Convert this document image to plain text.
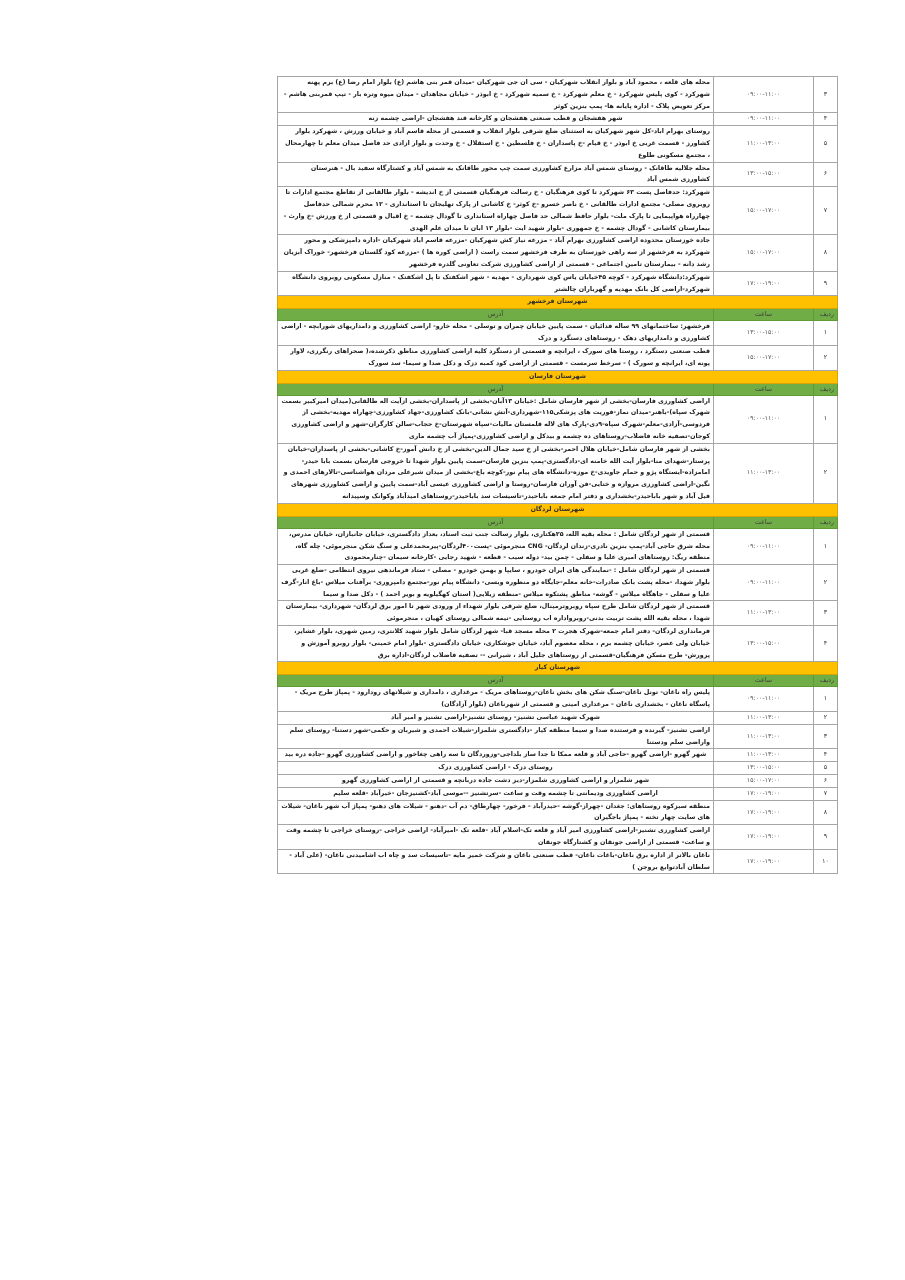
۳	۰۹:۰۰-۱۱:۰۰	محله های قلعه ، محمود آباد و بلوار انقلاب شهرکیان - سی ان جی شهرکیان -میدان قمر بنی هاشم (ع) بلوار امام رضا (ع) برم پهنه شهرکرد - کوی پلیس شهرکرد - خ معلم شهرکرد - خ سمیه شهرکرد - خ ابوذر - خیابان مجاهدان - میدان میوه وتره بار - تیپ قمربنی هاشم - مرکز تعویض پلاک - اداره پایانه ها- پمپ بنزین کوثر
۴	۰۹:۰۰-۱۱:۰۰	شهر هفشجان و قطب صنعتی هفشجان و کارخانه قند هفشجان -اراضی چشمه زنه
۵	۱۱:۰۰-۱۳:۰۰	روستای بهرام اباد-کل شهر شهرکیان به استثنای ضلع شرقی بلوار انقلاب و قسمتی از محله قاسم آباد و خیابان ورزش ، شهرکرد بلوار کشاورز - قسمت غربی خ ابوذر - خ قیام -خ پاسداران - خ فلسطین - خ استقلال - خ وحدت و بلوار ازادی حد فاصل میدان معلم تا چهارمحال ، مجتمع مسکونی طلوع
۶	۱۳:۰۰-۱۵:۰۰	محله جلالیه طاقانک - روستای شمس آباد مزارع کشاورزی سمت چپ محور طاقانک به شمس آباد و کشتارگاه سفید بال - هنرستان کشاورزی شمس آباد
۷	۱۵:۰۰-۱۷:۰۰	شهرکرد: حدفاصل پست ۶۳ شهرکرد تا کوی فرهنگیان - خ رسالت فرهنگیان قسمتی از خ اندیشه - بلوار طالقانی از تقاطع مجتمع ادارات تا روبروی مصلی- مجتمع ادارات طالقانی - خ ناصر خسرو -خ کوثر- خ کاشانی از پارک تهلیجان تا استانداری - ۱۲ محرم شمالی حدفاصل چهارراه هواپیمایی تا پارک ملت- بلوار حافظ شمالی حد فاصل چهاراه استانداری تا گودال چشمه - خ اقبال و قسمتی از خ ورزش -خ وارث - بیمارستان کاشانی - گودال چشمه - خ جمهوری -بلوار شهید ایت -بلوار ۱۳ ابان تا میدان علم الهدی
۸	۱۵:۰۰-۱۷:۰۰	جاده خوزستان محدوده اراضی کشاورزی بهرام آباد - مزرعه نیاز کش شهرکیان -مزرعه قاسم اباد شهرکیان -اداره دامپزشکی و محور شهرکرد به فرخشهر از سه راهی خوزستان به طرف فرخشهر سمت راست ( اراضی کوره ها ) -مزرعه کود گلستان فرخشهر- خوراک آبزیان رشد دانه - بیمارستان تامین اجتماعی - قسمتی از اراضی کشاورزی شرکت تعاونی گلدره فرخشهر
۹	۱۷:۰۰-۱۹:۰۰	شهرکرد:دانشگاه شهرکرد - کوچه ۴۵خیابان یاس کوی شهرداری - مهدیه - شهر اشکفتک تا پل اشکفتک - منازل مسکونی روبروی دانشگاه شهرکرد-اراضی کل بانک مهدیه و گهرباران چالشتر
شهرستان فرخشهر		
ردیف	ساعت	آدرس
۱	۱۳:۰۰-۱۵:۰۰	فرخشهر: ساختمانهای ۹۹ ساله فدائیان - سمت پایین خیابان چمران و توسلی - محله خارو- اراضی کشاورزی و دامداریهای شورابچه - اراضی کشاورزی و دامداریهای دهک - روستاهای دستگرد و دزک
۲	۱۵:۰۰-۱۷:۰۰	قطب صنعتی دستگرد ، روستا های سورک ، ایرانچه و قسمتی از دستگرد کلیه اراضی کشاورزی مناطق ذکرشده،( صحراهای رنگرزی، لاوار پونه ای، ایرانچه و سورک ) - سرخط سرمست - قسمتی از اراضی کود کمبه دزک و دکل صدا و سیما- سد سورک
شهرستان فارسان		
ردیف	ساعت	آدرس
۱	۰۹:۰۰-۱۱:۰۰	اراضی کشاورزی فارسان-بخشی از شهر فارسان شامل :خیابان ۱۳آبان-بخشی از پاسداران-بخشی ازآیت اله طالقانی(میدان امیرکبیر بسمت شهرک سپاه)-باهنر-میدان نماز-فوریت های پزشکی۱۱۵-شهرداری-آتش نشانی-بانک کشاورزی-جهاد کشاورزی-چهاراه مهدیه-بخشی از فردوسی-آزادی-معلم-شهرک سپاه-۹دی-پارک های لاله قلمستان مالیات-سپاه شهرستان-خ حجاب-سالن کارگران-شهر و اراضی کشاورزی کوجان-تصفیه خانه فاضلاب-روستاهای ده چشمه و بیدکل و اراضی کشاورزی-پمپاژ آب چشمه ماری
۲	۱۱:۰۰-۱۳:۰۰	بخشی از شهر فارسان شامل-خیابان هلال احمر-بخشی از خ سید جمال الدین-بخشی از خ دانش آموز-خ کاشانی-بخشی از پاسداران-خیابان پرستار-شهدای منا-بلوار آیت الله خامنه ای-دادگستری-پمپ بنزین فارسان-سمت پایین بلوار شهدا تا خروجی فارسان بسمت بابا حیدر-امامزاده-ایستگاه پژو و حمام جاویدی-خ موزه-دانشگاه های پیام نور-کوچه باغ-بخشی از میدان شیرعلی مردان هواشناسی-تالارهای احمدی و نگین-اراضی کشاورزی مروازه و ختایی-فن آوران فارسان-روستا و اراضی کشاورزی عیسی آباد-سمت پایین و اراضی کشاورزی شهرهای فیل آباد و شهر باباحیدر-بخشداری و دفتر امام جمعه باباحیدر-تاسیسات سد باباحیدر-روستاهای امیدآباد وکوانک وسپیدانه
شهرستان لردگان		
ردیف	ساعت	آدرس
۱	۰۹:۰۰-۱۱:۰۰	قسمتی از شهر لردگان شامل : محله بقیه الله، ۲۵هکتاری، بلوار رسالت جنب ثبت اسناد، بعداز دادگستری، خیابان جانبازان، خیابان مدرس، محله شرق حاجی آباد-پمپ بنزین نادری-زندان لردگان- CNG منجرموئی -پست۴۰۰لردگان-پیرمحمدعلی و سنگ شکن منجرموئی- چله گاه، منطقه ریگ: روستاهای امیری علیا و سفلی - چمن بید- دوله سیب - قطعه - شهید رجایی -کارخانه سیمان -چنارمحمودی
۲	۰۹:۰۰-۱۱:۰۰	قسمتی از شهر لردگان شامل : -نمایندگی های ایران خودرو ، سایپا و بهمن خودرو - مصلی - ستاد فرماندهی نیروی انتظامی -ضلع غربی بلوار شهدا، -محله پشت بانک صادرات-خانه معلم-جایگاه دو منظوره وبسی- دانشگاه پیام نور-مجتمع دامپروری- برآفتاب میلاس -باغ انار-گرف علیا و سفلی - جاهگاه میلاس - گوشه- مناطق پشتکوه میلاس -منطقه زیلایی( استان کهگیلویه و بویر احمد ) - دکل صدا و سیما
۳	۱۱:۰۰-۱۳:۰۰	قسمتی از شهر لردگان شامل طرح سپاه روبروترمینال، ضلع شرقی بلوار شهداء از ورودی شهر تا امور برق لردگان- شهرداری- بیمارستان شهدا ، محله بقیه الله پشت تربیت بدنی-روبرواداره اب روستایی -نیمه شمالی روستای کهیان ، منجرموئی
۴	۱۳:۰۰-۱۵:۰۰	فرمانداری لردگان- دفتر امام جمعه-شهرک هجرت ۲ محله مسجد قبا- شهر لردگان شامل بلوار شهید کلانتری، زمین شهری، بلوار عشایر، خیابان ولی عصر، خیابان چشمه برم ، محله معصوم آباد، خیابان جوشکاری، خیابان دادگستری -بلوار امام خمینی- بلوار روبرو آموزش و پرورش- طرح مسکن فرهنگیان-قسمتی از روستاهای جلیل آباد ، شیرانی -- تصفیه فاضلاب لردگان-اداره برق
شهرستان کیار		
ردیف	ساعت	آدرس
۱	۰۹:۰۰-۱۱:۰۰	پلیس راه ناغان- تونل ناغان-سنگ شکن های بخش ناغان-روستاهای مریک - مرغداری ، دامداری و شیلاتهای رودارود - پمپاژ طرح مریک - پاسگاه ناغان - بخشداری ناغان - مرغداری امینی و قسمتی از شهرناغان (بلوار آزادگان)
۲	۱۱:۰۰-۱۳:۰۰	شهرک شهید عباسی تشنیز- روستای تشنیز-اراضی تشنیز و امیر آباد
۳	۱۱:۰۰-۱۳:۰۰	اراضی تشنیز- گیرنده و فرستنده صدا و سیما منطقه کیار -دادگستری شلمزار-شیلات احمدی و شیربان و حکمی-شهر دستنا- روستای سلم واراضی سلم ودستنا
۴	۱۱:۰۰-۱۳:۰۰	شهر گهرو -اراضی گهرو -حاجی آباد و قلعه ممکا تا جدا ساز بلداجی-وزوردگان تا سه راهی چغاخور و اراضی کشاورزی گهرو -جاده دره بید
۵	۱۳:۰۰-۱۵:۰۰	روستای دزک - اراضی کشاورزی دزک
۶	۱۵:۰۰-۱۷:۰۰	شهر شلمزار و اراضی کشاورزی شلمزار-دیز دشت جاده دربانچه و قسمتی از اراضی کشاورزی گهرو
۷	۱۷:۰۰-۱۹:۰۰	اراضی کشاورزی ودیمانتی تا چشمه وقت و ساعت -سرتشنیز --موسی آباد-کشنیزجان -خیرآباد -قلعه سلیم
۸	۱۷:۰۰-۱۹:۰۰	منطقه سبزکوه روستاهای: جغدان -چهراز-گوشه -حیدرآباد - فرخور- چهارطاق- دم آب -دهنو - شیلات های دهنو- پمپاژ آب شهر ناغان- شیلات های سایت چهار تخته - پمپاژ باجگیران
۹	۱۷:۰۰-۱۹:۰۰	اراضی کشاورزی تشنیز-اراضی کشاورزی امیر آباد و قلعه تک-اسلام آباد -قلعه تک -امیرآباد- اراضی خراجی -روستای خراجی تا چشمه وقت و ساعت- قسمتی از اراضی جونقان و کشتارگاه جونقان
۱۰	۱۷:۰۰-۱۹:۰۰	ناغان بالاتر از اداره برق ناغان-باغات ناغان- قطب صنعتی ناغان و شرکت خمیر مایه -تاسیسات سد و چاه اب اشامیدنی ناغان- (علی آباد - سلطان آبادتوابع بروجن )
